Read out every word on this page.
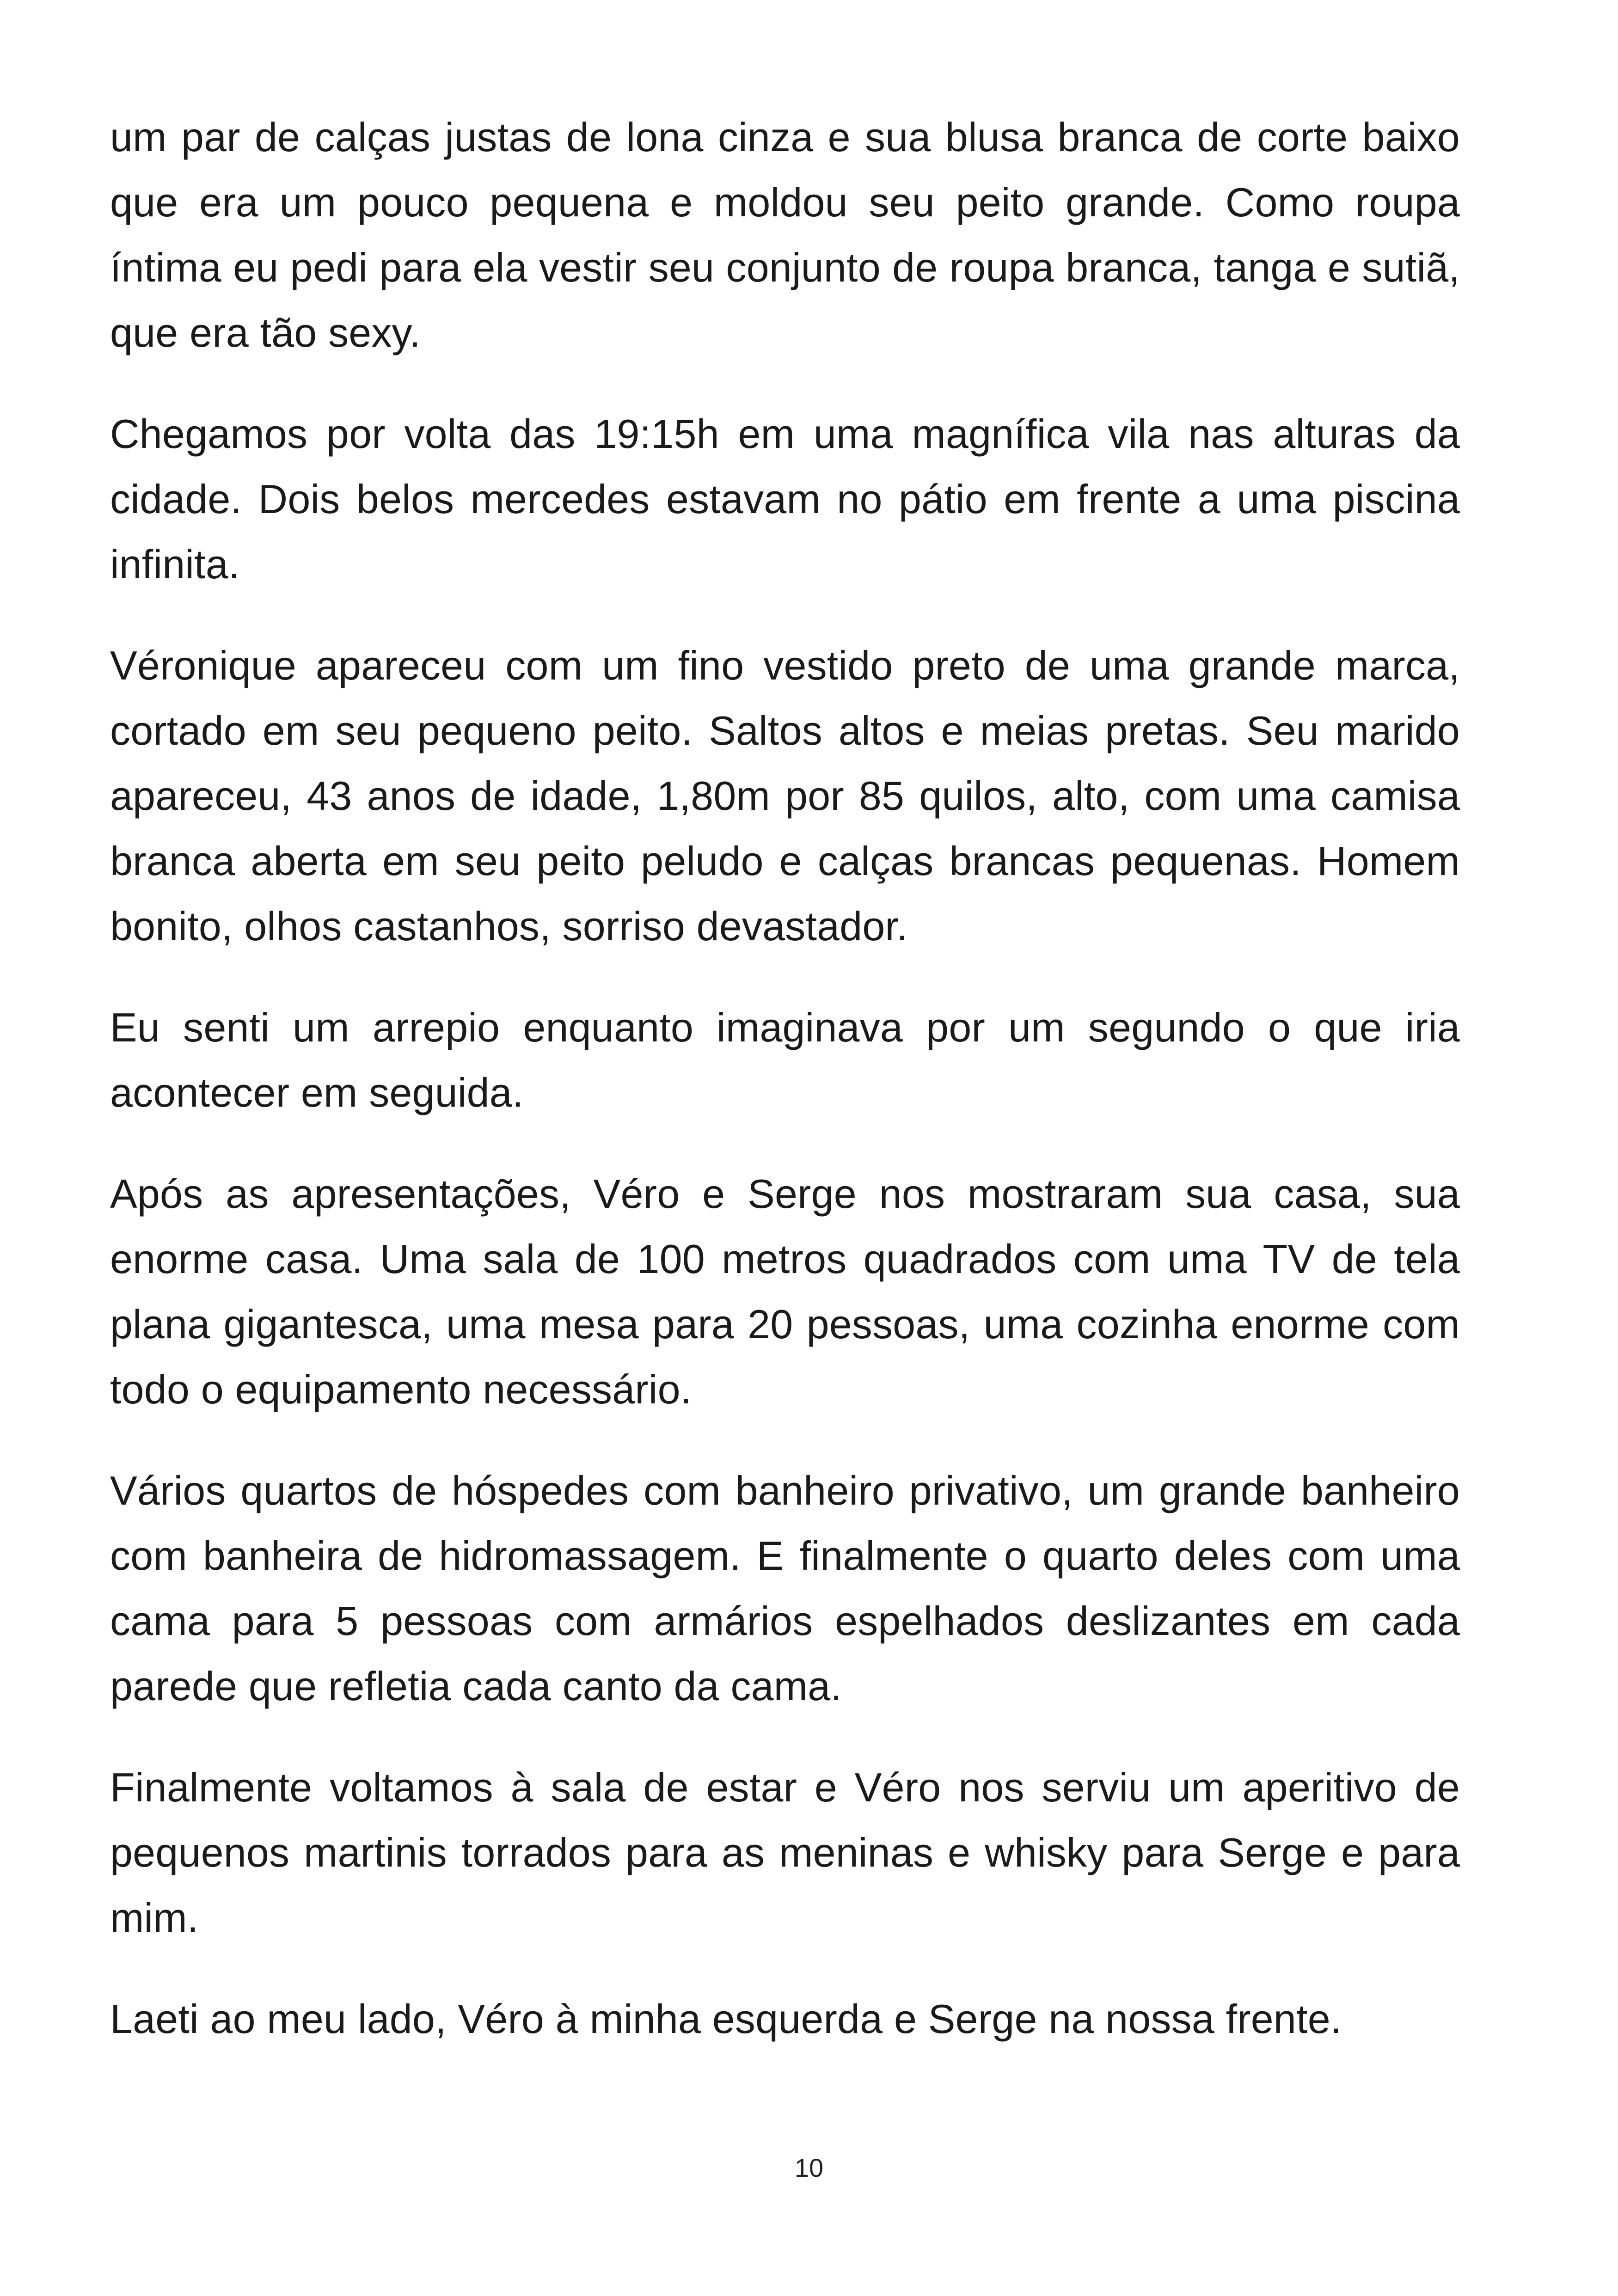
um par de calças justas de lona cinza e sua blusa branca de corte baixo que era um pouco pequena e moldou seu peito grande. Como roupa íntima eu pedi para ela vestir seu conjunto de roupa branca, tanga e sutiã, que era tão sexy.

Chegamos por volta das 19:15h em uma magnífica vila nas alturas da cidade. Dois belos mercedes estavam no pátio em frente a uma piscina infinita.

Véronique apareceu com um fino vestido preto de uma grande marca, cortado em seu pequeno peito. Saltos altos e meias pretas. Seu marido apareceu, 43 anos de idade, 1,80m por 85 quilos, alto, com uma camisa branca aberta em seu peito peludo e calças brancas pequenas. Homem bonito, olhos castanhos, sorriso devastador.

Eu senti um arrepio enquanto imaginava por um segundo o que iria acontecer em seguida.

Após as apresentações, Véro e Serge nos mostraram sua casa, sua enorme casa. Uma sala de 100 metros quadrados com uma TV de tela plana gigantesca, uma mesa para 20 pessoas, uma cozinha enorme com todo o equipamento necessário.

Vários quartos de hóspedes com banheiro privativo, um grande banheiro com banheira de hidromassagem. E finalmente o quarto deles com uma cama para 5 pessoas com armários espelhados deslizantes em cada parede que refletia cada canto da cama.

Finalmente voltamos à sala de estar e Véro nos serviu um aperitivo de pequenos martinis torrados para as meninas e whisky para Serge e para mim.

Laeti ao meu lado, Véro à minha esquerda e Serge na nossa frente.

10
